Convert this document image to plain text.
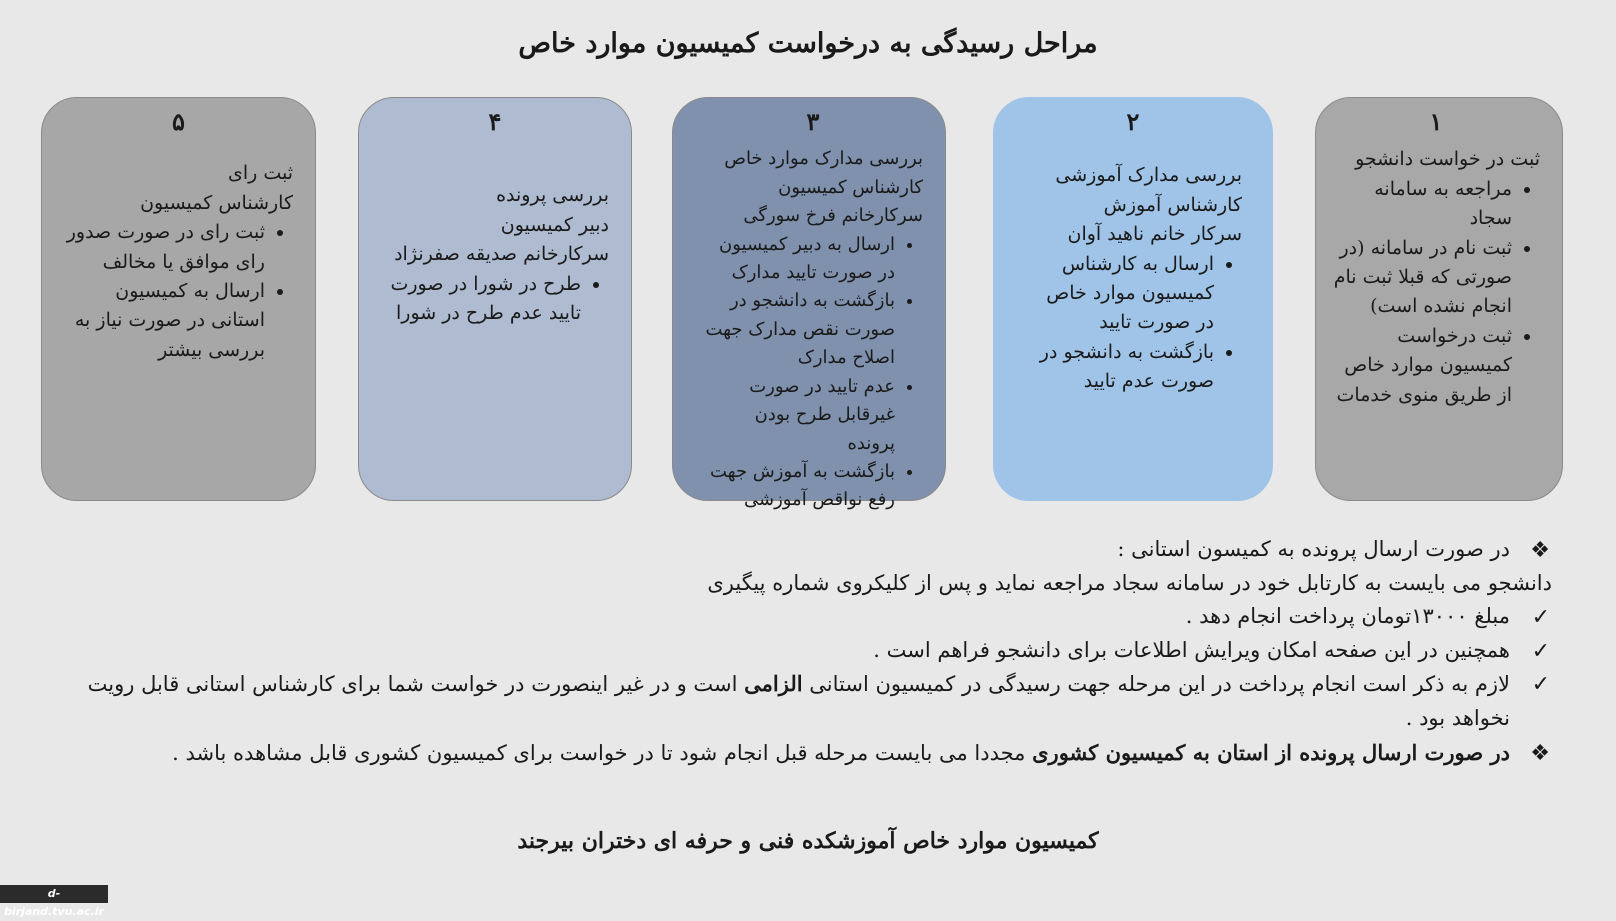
مراحل رسیدگی به درخواست کمیسیون موارد خاص
۱

ثبت در خواست دانشجو

• مراجعه به سامانه سجاد
• ثبت نام در سامانه (در صورتی که قبلا ثبت نام انجام نشده است)
• ثبت درخواست کمیسیون موارد خاص از طریق منوی خدمات
۲

بررسی مدارک آموزشی

کارشناس آموزش

سرکار خانم ناهید آوان

• ارسال به کارشناس کمیسیون موارد خاص در صورت تایید
• بازگشت به دانشجو در صورت عدم تایید
۳

بررسی مدارک موارد خاص

کارشناس کمیسیون

سرکارخانم فرخ سورگی

• ارسال به دبیر کمیسیون در صورت تایید مدارک
• بازگشت به دانشجو در صورت نقص مدارک جهت اصلاح مدارک
• عدم تایید در صورت غیرقابل طرح بودن پرونده
• بازگشت به آموزش جهت رفع نواقص آموزشی
۴

بررسی پرونده

دبیر کمیسیون

سرکارخانم صدیقه صفرنژاد

• طرح در شورا در صورت تایید عدم طرح در شورا
۵

ثبت رای

کارشناس کمیسیون

• ثبت رای در صورت صدور رای موافق یا مخالف
• ارسال به کمیسیون استانی در صورت نیاز به بررسی بیشتر
❖
در صورت ارسال پرونده به کمیسون استانی :
دانشجو می بایست به کارتابل خود در سامانه سجاد مراجعه نماید و پس از کلیکروی شماره پیگیری
✓
مبلغ ۱۳۰۰۰تومان پرداخت انجام دهد .
✓
همچنین در این صفحه امکان ویرایش اطلاعات برای دانشجو فراهم است .
✓
لازم به ذکر است انجام پرداخت در این مرحله جهت رسیدگی در کمیسیون استانی الزامی است و در غیر اینصورت در خواست شما برای کارشناس استانی قابل رویت نخواهد بود .
❖
در صورت ارسال پرونده از استان به کمیسیون کشوری مجددا می بایست مرحله قبل انجام شود تا در خواست برای کمیسیون کشوری قابل مشاهده باشد .
کمیسیون موارد خاص آموزشکده فنی و حرفه ای دختران بیرجند
d-birjand.tvu.ac.ir
